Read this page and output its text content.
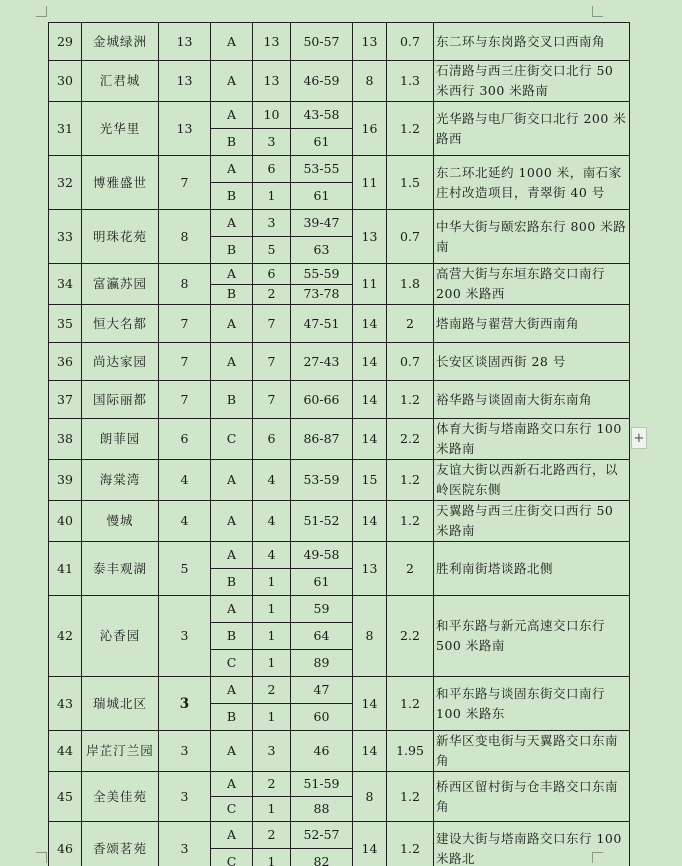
29	金城绿洲	13	A	13	50-57	13	0.7	东二环与东岗路交叉口西南角
30	汇君城	13	A	13	46-59	8	1.3	石清路与西三庄街交口北行 50 米西行 300 米路南
31	光华里	13	A	10	43-58	16	1.2	光华路与电厂街交口北行 200 米路西
			B	3	61			
32	博雅盛世	7	A	6	53-55	11	1.5	东二环北延约 1000 米，南石家庄村改造项目，青翠街 40 号
			B	1	61			
33	明珠花苑	8	A	3	39-47	13	0.7	中华大街与颐宏路东行 800 米路南
			B	5	63			
34	富瀛苏园	8	A	6	55-59	11	1.8	高营大街与东垣东路交口南行 200 米路西
			B	2	73-78			
35	恒大名都	7	A	7	47-51	14	2	塔南路与翟营大街西南角
36	尚达家园	7	A	7	27-43	14	0.7	长安区谈固西街 28 号
37	国际丽都	7	B	7	60-66	14	1.2	裕华路与谈固南大街东南角
38	朗菲园	6	C	6	86-87	14	2.2	体育大街与塔南路交口东行 100 米路南
39	海棠湾	4	A	4	53-59	15	1.2	友谊大街以西新石北路西行，以岭医院东侧
40	慢城	4	A	4	51-52	14	1.2	天翼路与西三庄街交口西行 50 米路南
41	泰丰观湖	5	A	4	49-58	13	2	胜利南街塔谈路北侧
			B	1	61			
42	沁香园	3	A	1	59	8	2.2	和平东路与新元高速交口东行 500 米路南
			B	1	64			
			C	1	89			
43	瑞城北区	3	A	2	47	14	1.2	和平东路与谈固东街交口南行 100 米路东
			B	1	60			
44	岸芷汀兰园	3	A	3	46	14	1.95	新华区变电街与天翼路交口东南角
45	全美佳苑	3	A	2	51-59	8	1.2	桥西区留村街与仓丰路交口东南角
			C	1	88			
46	香颂茗苑	3	A	2	52-57	14	1.2	建设大街与塔南路交口东行 100 米路北
			C	1	82			
+
